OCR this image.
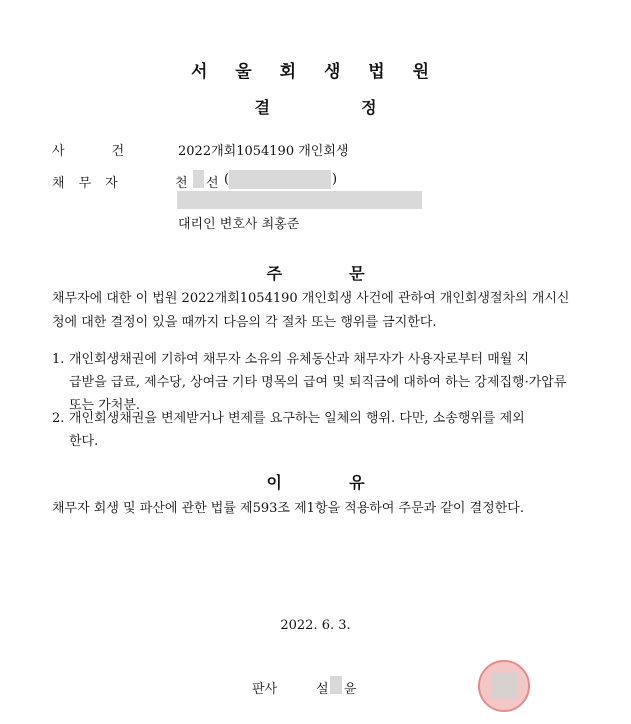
서 울 회 생 법 원
결	정
사	건	2022개회1054190 개인회생
채 무 자	천 선 (	)
대리인 변호사 최홍준
주	문
채무자에 대한 이 법원 2022개회1054190 개인회생 사건에 관하여 개인회생절차의 개시신청에 대한 결정이 있을 때까지 다음의 각 절차 또는 행위를 금지한다.
1. 개인회생채권에 기하여 채무자 소유의 유체동산과 채무자가 사용자로부터 매월 지
급받을 급료, 제수당, 상여금 기타 명목의 급여 및 퇴직금에 대하여 하는 강제집행·가압류 또는 가처분.
2. 개인회생채권을 변제받거나 변제를 요구하는 일체의 행위. 다만, 소송행위를 제외
한다.
이	유
채무자 회생 및 파산에 관한 법률 제593조 제1항을 적용하여 주문과 같이 결정한다.
2022. 6. 3.
판사	설 윤
